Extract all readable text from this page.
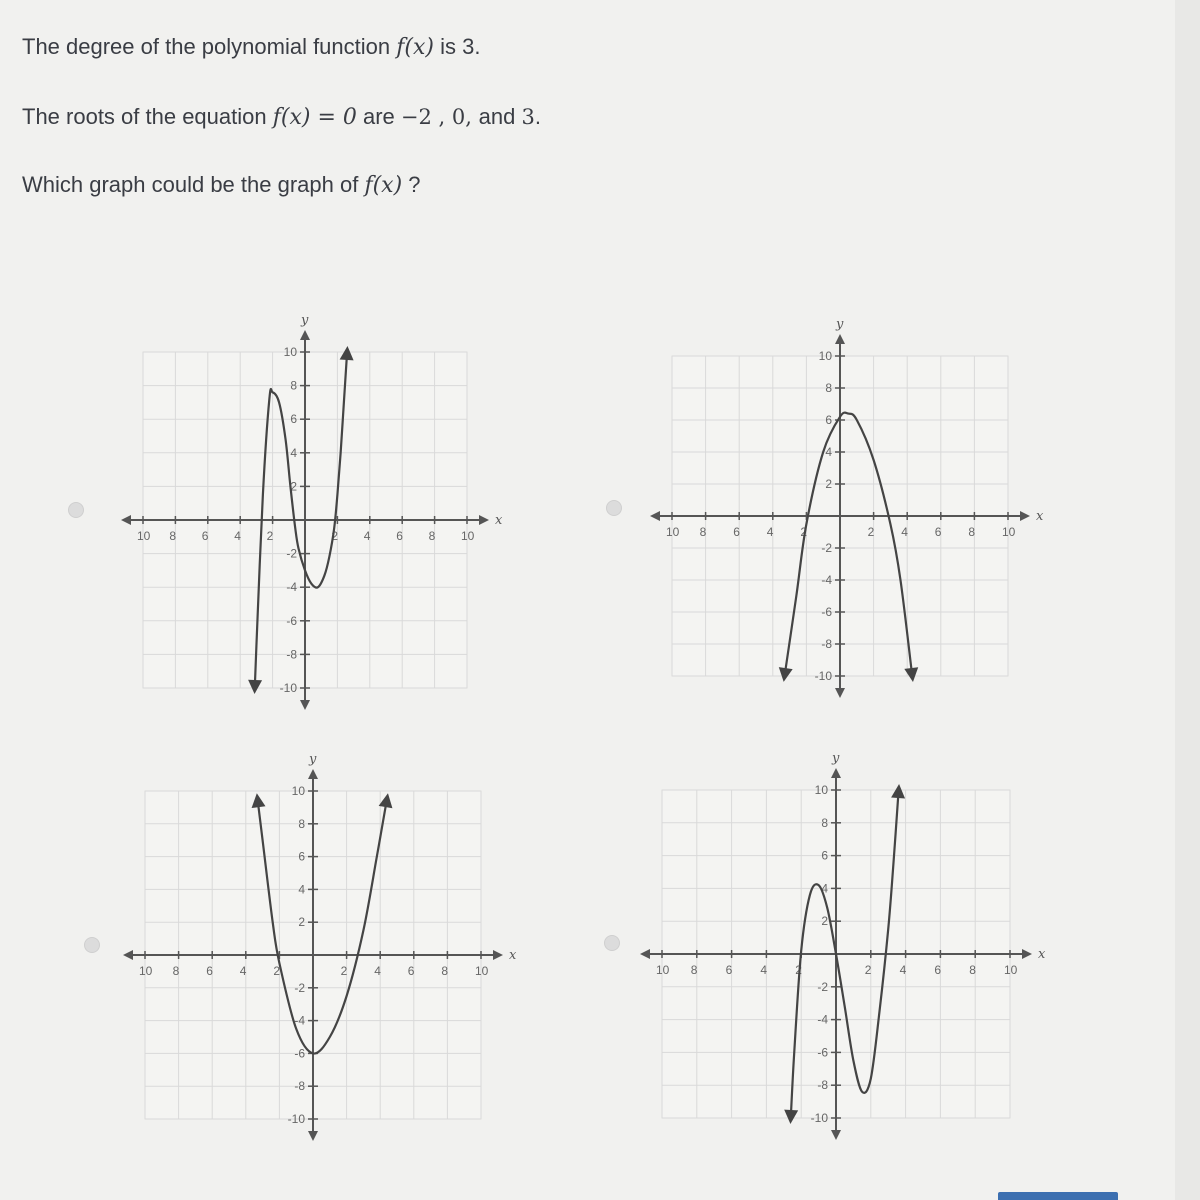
The degree of the polynomial function f(x) is 3.
The roots of the equation f(x) = 0 are −2 , 0, and 3.
Which graph could be the graph of f(x) ?
x
y
10 8 6 4 2	2 4 6 8 10
10
8
6
4
2
-2
-4
-6
-8
-10
x
y
10 8 6 4 2	2 4 6 8 10
10
8
6
4
2
-2
-4
-6
-8
-10
x
y
10 8 6 4 2	2 4 6 8 10
10
8
6
4
2
-2
-4
-6
-8
-10
x
y
10 8 6 4 2	2 4 6 8 10
10
8
6
4
2
-2
-4
-6
-8
-10
